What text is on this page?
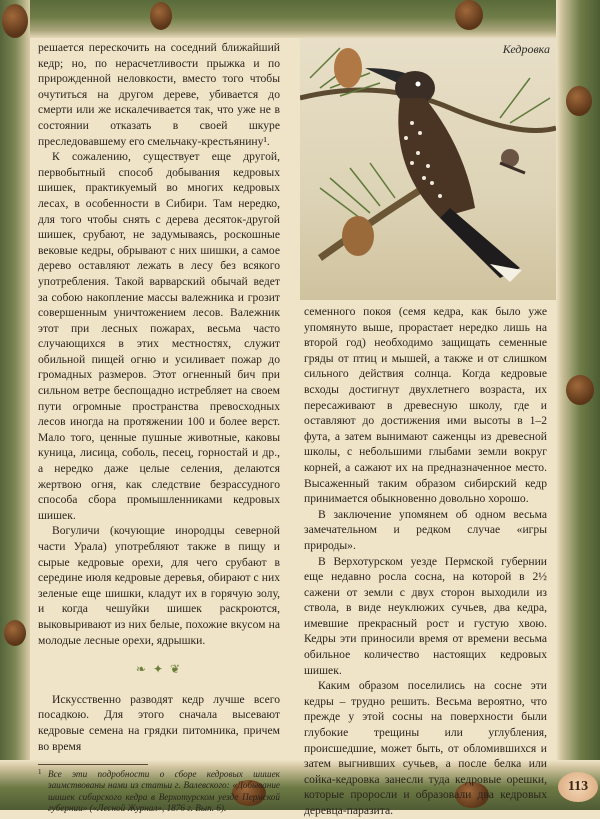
Кедровка

решается перескочить на соседний ближайший кедр; но, по нерасчетливости прыжка и по прирожденной неловкости, вместо того чтобы очутиться на другом дереве, убивается до смерти или же искалечивается так, что уже не в состоянии отказать в своей шкуре преследовавшему его смельчаку-крестьянину¹.

К сожалению, существует еще другой, первобытный способ добывания кедровых шишек, практикуемый во многих кедровых лесах, в особенности в Сибири. Там нередко, для того чтобы снять с дерева десяток-другой шишек, срубают, не задумываясь, роскошные вековые кедры, обрывают с них шишки, а самое дерево оставляют лежать в лесу без всякого употребления. Такой варварский обычай ведет за собою накопление массы валежника и грозит совершенным уничтожением лесов. Валежник этот при лесных пожарах, весьма часто случающихся в этих местностях, служит обильной пищей огню и усиливает пожар до громадных размеров. Этот огненный бич при сильном ветре беспощадно истребляет на своем пути огромные пространства превосходных лесов иногда на протяжении 100 и более верст. Мало того, ценные пушные животные, каковы куница, лисица, соболь, песец, горностай и др., а нередко даже целые селения, делаются жертвою огня, как следствие безрассудного способа сбора промышленниками кедровых шишек.

Вогуличи (кочующие инородцы северной части Урала) употребляют также в пищу и сырые кедровые орехи, для чего срубают в середине июля кедровые деревья, обирают с них зеленые еще шишки, кладут их в горячую золу, и когда чешуйки шишек раскроются, выковыривают из них белые, похожие вкусом на молодые лесные орехи, ядрышки.

❧ ✦ ❦

Искусственно разводят кедр лучше всего посадкою. Для этого сначала высевают кедровые семена на грядки питомника, причем во время

1 Все эти подробности о сборе кедровых шишек заимствованы нами из статьи г. Валевского: «Добывание шишек сибирского кедра в Верхотурском уезде Пермской губернии» («Лесной Журнал», 1876 г. Вып. 6).

семенного покоя (семя кедра, как было уже упомянуто выше, прорастает нередко лишь на второй год) необходимо защищать семенные гряды от птиц и мышей, а также и от слишком сильного действия солнца. Когда кедровые всходы достигнут двухлетнего возраста, их пересаживают в древесную школу, где и оставляют до достижения ими высоты в 1–2 фута, а затем вынимают саженцы из древесной школы, с небольшими глыбами земли вокруг корней, а сажают их на предназначенное место. Высаженный таким образом сибирский кедр принимается обыкновенно довольно хорошо.

В заключение упомянем об одном весьма замечательном и редком случае «игры природы».

В Верхотурском уезде Пермской губернии еще недавно росла сосна, на которой в 2½ сажени от земли с двух сторон выходили из ствола, в виде неуклюжих сучьев, два кедра, имевшие прекрасный рост и густую хвою. Кедры эти приносили время от времени весьма обильное количество настоящих кедровых шишек.

Каким образом поселились на сосне эти кедры – трудно решить. Весьма вероятно, что прежде у этой сосны на поверхности были глубокие трещины или углубления, происшедшие, может быть, от обломившихся и затем выгнивших сучьев, а после белка или сойка-кедровка занесли туда кедровые орешки, которые проросли и образовали два кедровых деревца-паразита.

113
